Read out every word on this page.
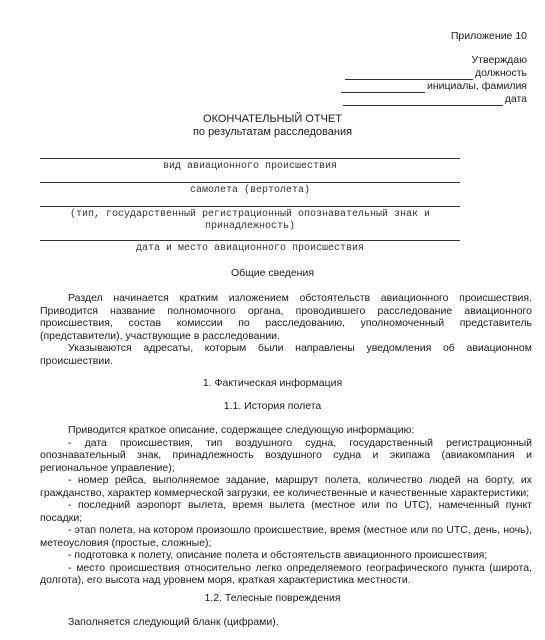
Приложение 10
Утверждаю
должность
инициалы, фамилия
дата
ОКОНЧАТЕЛЬНЫЙ ОТЧЕТ
по результатам расследования
вид авиационного происшествия
самолета (вертолета)
(тип, государственный регистрационный опознавательный знак и принадлежность)
дата и место авиационного происшествия
Общие сведения

Раздел начинается кратким изложением обстоятельств авиационного происшествия. Приводится название полномочного органа, проводившего расследование авиационного происшествия, состав комиссии по расследованию, уполномоченный представитель (представители), участвующие в расследовании.

Указываются адресаты, которым были направлены уведомления об авиационном происшествии.

1. Фактическая информация
1.1. История полета

Приводится краткое описание, содержащее следующую информацию:

- дата происшествия, тип воздушного судна, государственный регистрационный опознавательный знак, принадлежность воздушного судна и экипажа (авиакомпания и региональное управление);

- номер рейса, выполняемое задание, маршрут полета, количество людей на борту, их гражданство, характер коммерческой загрузки, ее количественные и качественные характеристики;

- последний аэропорт вылета, время вылета (местное или по UTC), намеченный пункт посадки;

- этап полета, на котором произошло происшествие, время (местное или по UTC, день, ночь), метеоусловия (простые, сложные);

- подготовка к полету, описание полета и обстоятельств авиационного происшествия;

- место происшествия относительно легко определяемого географического пункта (широта, долгота), его высота над уровнем моря, краткая характеристика местности.

1.2. Телесные повреждения

Заполняется следующий бланк (цифрами).
